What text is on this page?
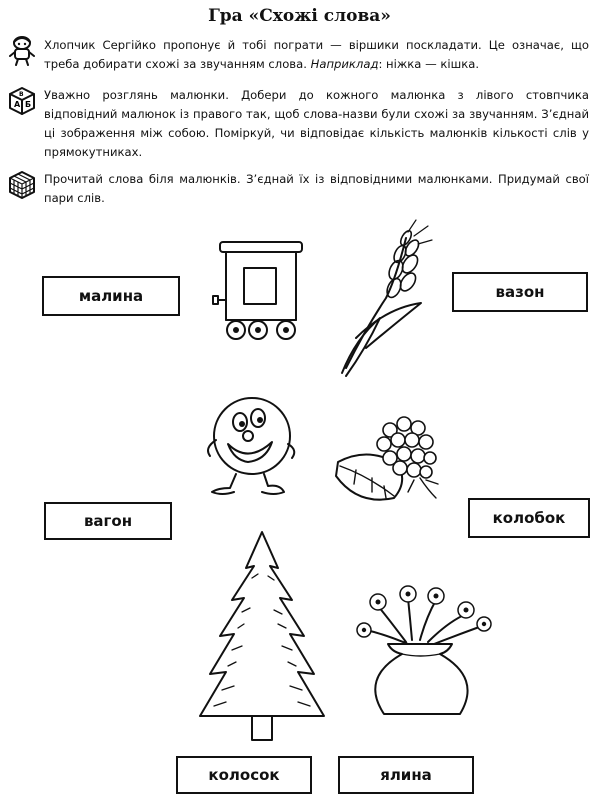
Гра «Схожі слова»
Хлопчик Сергійко пропонує й тобі пограти — віршики поскладати. Це означає, що треба добирати схожі за звучанням слова. Наприклад: ніжка — кішка.
А Б
В Уважно розглянь малюнки. Добери до кожного малюнка з лівого стовпчика відповідний малюнок із правого так, щоб слова-назви були схожі за звучанням. З’єднай ці зображення між собою. Поміркуй, чи відповідає кількість малюнків кількості слів у прямокутниках.
Прочитай слова біля малюнків. З’єднай їх із відповідними малюнками. Придумай свої пари слів.
малина	вазон
вагон	колобок
колосок	ялина
